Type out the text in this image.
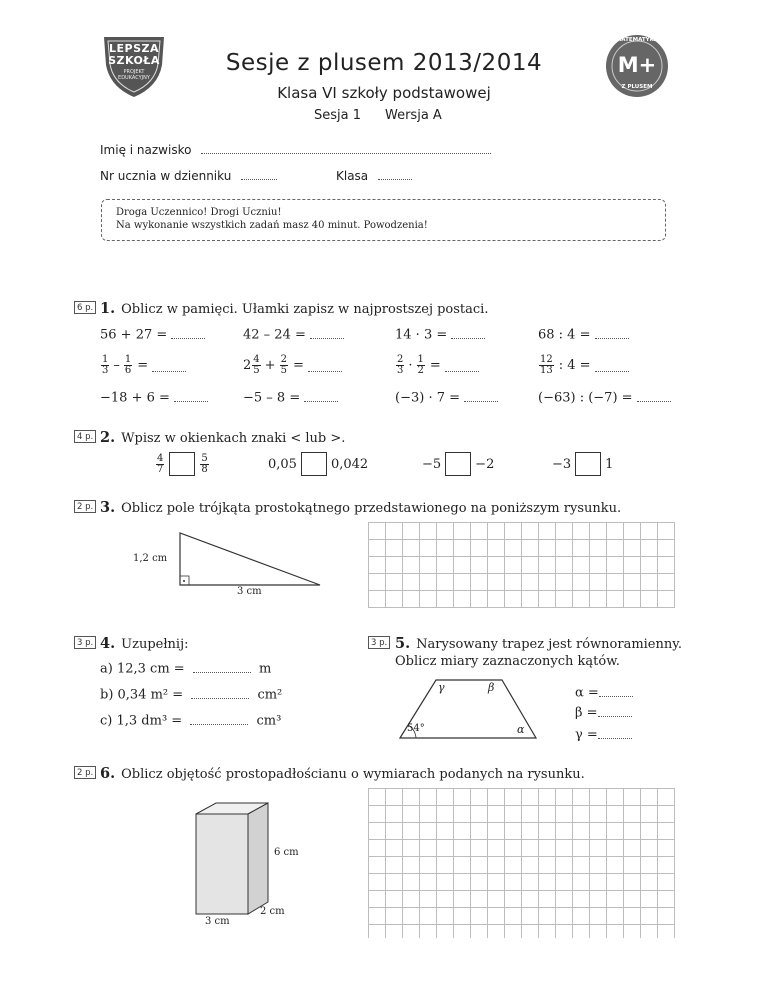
LEPSZA
SZKOŁA
PROJEKT
EDUKACYJNY
MATEMATYKA
M+
Z PLUSEM
Sesje z plusem 2013/2014
Klasa VI szkoły podstawowej
Sesja 1 Wersja A
Imię i nazwisko
Nr ucznia w dzienniku	Klasa
Droga Uczennico! Drogi Uczniu!
Na wykonanie wszystkich zadań masz 40 minut. Powodzenia!
6 p. 1. Oblicz w pamięci. Ułamki zapisz w najprostszej postaci.
56 + 27 =	42 – 24 =	14 · 3 =	68 : 4 =
$\frac{1}{3} - \frac{1}{6}$ =	$2 \frac{4}{5} + \frac{2}{5}$ =	$\frac{2}{3} \cdot \frac{1}{2}$ =	$\frac{12}{13}$ : 4 =
−18 + 6 =	−5 – 8 =	(−3) · 7 =	(−63) : (−7) =
4 p. 2. Wpisz w okienkach znaki < lub >.
$\frac{4}{7}$	$\frac{5}{8}$	0,05	0,042	−5	−2	−3	1
2 p. 3. Oblicz pole trójkąta prostokątnego przedstawionego na poniższym rysunku.
1,2 cm
3 cm
3 p. 4. Uzupełnij:
a) 12,3 cm =	m
b) 0,34 m² =	cm²
c) 1,3 dm³ =	cm³
3 p. 5. Narysowany trapez jest równoramienny.
Oblicz miary zaznaczonych kątów.
γ	β
α
54°
α =
β =
γ =
2 p. 6. Oblicz objętość prostopadłościanu o wymiarach podanych na rysunku.
6 cm
3 cm
2 cm
